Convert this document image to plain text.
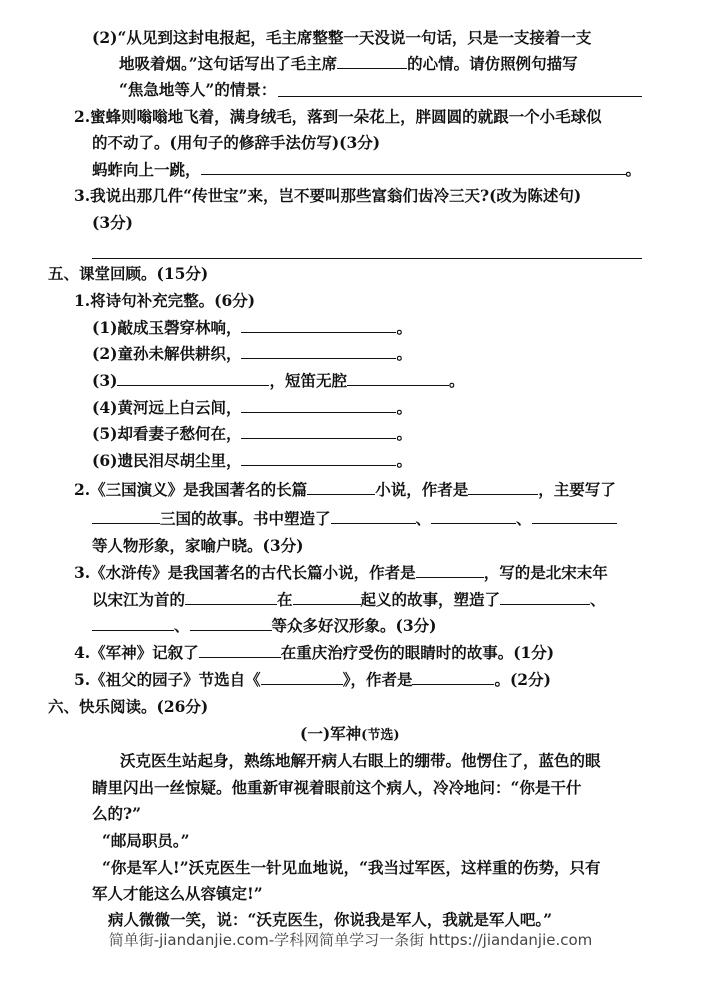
(2)“从见到这封电报起，毛主席整整一天没说一句话，只是一支接着一支
地吸着烟。”这句话写出了毛主席	的心情。请仿照例句描写
“焦急地等人”的情景：
2.蜜蜂则嗡嗡地飞着，满身绒毛，落到一朵花上，胖圆圆的就跟一个小毛球似
的不动了。(用句子的修辞手法仿写)(3分)
蚂蚱向上一跳，	。
3.我说出那几件“传世宝”来，岂不要叫那些富翁们齿冷三天?(改为陈述句)
(3分)
五、课堂回顾。(15分)
1.将诗句补充完整。(6分)
(1)敲成玉磬穿林响，	。
(2)童孙未解供耕织，	。
(3)	，短笛无腔	。
(4)黄河远上白云间，	。
(5)却看妻子愁何在，	。
(6)遗民泪尽胡尘里，	。
2.《三国演义》是我国著名的长篇	小说，作者是	，主要写了
三国的故事。书中塑造了	、	、
等人物形象，家喻户晓。(3分)
3.《水浒传》是我国著名的古代长篇小说，作者是	，写的是北宋末年
以宋江为首的	在	起义的故事，塑造了	、
、	等众多好汉形象。(3分)
4.《军神》记叙了	在重庆治疗受伤的眼睛时的故事。(1分)
5.《祖父的园子》节选自《	》，作者是	。(2分)
六、快乐阅读。(26分)
(一)军神(节选)
沃克医生站起身，熟练地解开病人右眼上的绷带。他愣住了，蓝色的眼
睛里闪出一丝惊疑。他重新审视着眼前这个病人，冷冷地问：“你是干什
么的?”
“邮局职员。”
“你是军人!”沃克医生一针见血地说，“我当过军医，这样重的伤势，只有
军人才能这么从容镇定!”
病人微微一笑，说：“沃克医生，你说我是军人，我就是军人吧。”
简单街-jiandanjie.com-学科网简单学习一条街 https://jiandanjie.com
